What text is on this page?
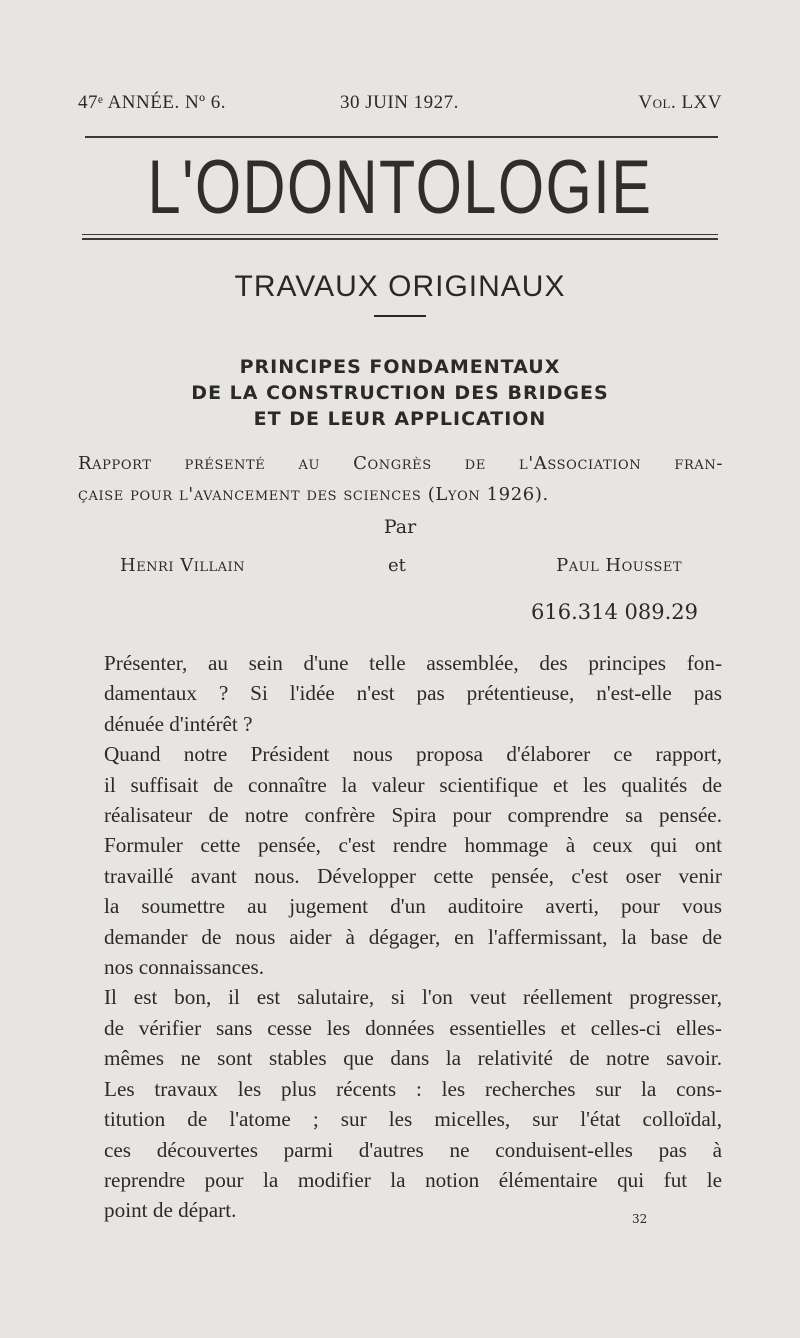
47ᵉ ANNÉE. Nº 6.	30 JUIN 1927.	Vol. LXV
L'ODONTOLOGIE
TRAVAUX ORIGINAUX
PRINCIPES FONDAMENTAUX
DE LA CONSTRUCTION DES BRIDGES
ET DE LEUR APPLICATION
Rapport présenté au Congrès de l'Association fran-
çaise pour l'avancement des sciences (Lyon 1926).
Par
Henri Villain	et	Paul Housset
616.314 089.29

Présenter, au sein d'une telle assemblée, des principes fon-
damentaux ? Si l'idée n'est pas prétentieuse, n'est-elle pas
dénuée d'intérêt ?

Quand notre Président nous proposa d'élaborer ce rapport,
il suffisait de connaître la valeur scientifique et les qualités de
réalisateur de notre confrère Spira pour comprendre sa pensée.
Formuler cette pensée, c'est rendre hommage à ceux qui ont
travaillé avant nous. Développer cette pensée, c'est oser venir
la soumettre au jugement d'un auditoire averti, pour vous
demander de nous aider à dégager, en l'affermissant, la base de
nos connaissances.

Il est bon, il est salutaire, si l'on veut réellement progresser,
de vérifier sans cesse les données essentielles et celles-ci elles-
mêmes ne sont stables que dans la relativité de notre savoir.

Les travaux les plus récents : les recherches sur la cons-
titution de l'atome ; sur les micelles, sur l'état colloïdal,
ces découvertes parmi d'autres ne conduisent-elles pas à
reprendre pour la modifier la notion élémentaire qui fut le
point de départ.	32
